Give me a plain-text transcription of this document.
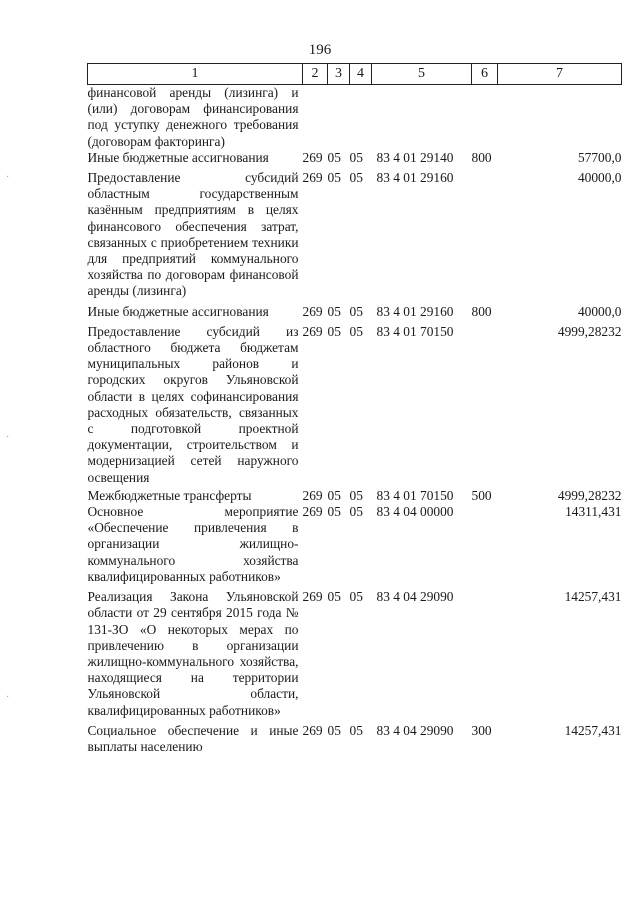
196
1	2	3	4	5	6	7
финансовой аренды (лизинга) и (или) договорам финансирования под уступку денежного требования (договорам факторинга)						
Иные бюджетные ассигнования	269	05	05	83 4 01 29140	800	57700,0
Предоставление субсидий областным государственным казённым предприятиям в целях финансового обеспечения затрат, связанных с приобретением техники для предприятий коммунального хозяйства по договорам финансовой аренды (лизинга)	269	05	05	83 4 01 29160		40000,0
Иные бюджетные ассигнования	269	05	05	83 4 01 29160	800	40000,0
Предоставление субсидий из областного бюджета бюджетам муниципальных районов и городских округов Ульяновской области в целях софинансирования расходных обязательств, связанных с подготовкой проектной документации, строительством и модернизацией сетей наружного освещения	269	05	05	83 4 01 70150		4999,28232
Межбюджетные трансферты	269	05	05	83 4 01 70150	500	4999,28232
Основное мероприятие «Обеспечение привлечения в организации жилищно-коммунального хозяйства квалифицированных работников»	269	05	05	83 4 04 00000		14311,431
Реализация Закона Ульяновской области от 29 сентября 2015 года № 131-ЗО «О некоторых мерах по привлечению в организации жилищно-коммунального хозяйства, находящиеся на территории Ульяновской области, квалифицированных работников»	269	05	05	83 4 04 29090		14257,431
Социальное обеспечение и иные выплаты населению	269	05	05	83 4 04 29090	300	14257,431
·
·
·
